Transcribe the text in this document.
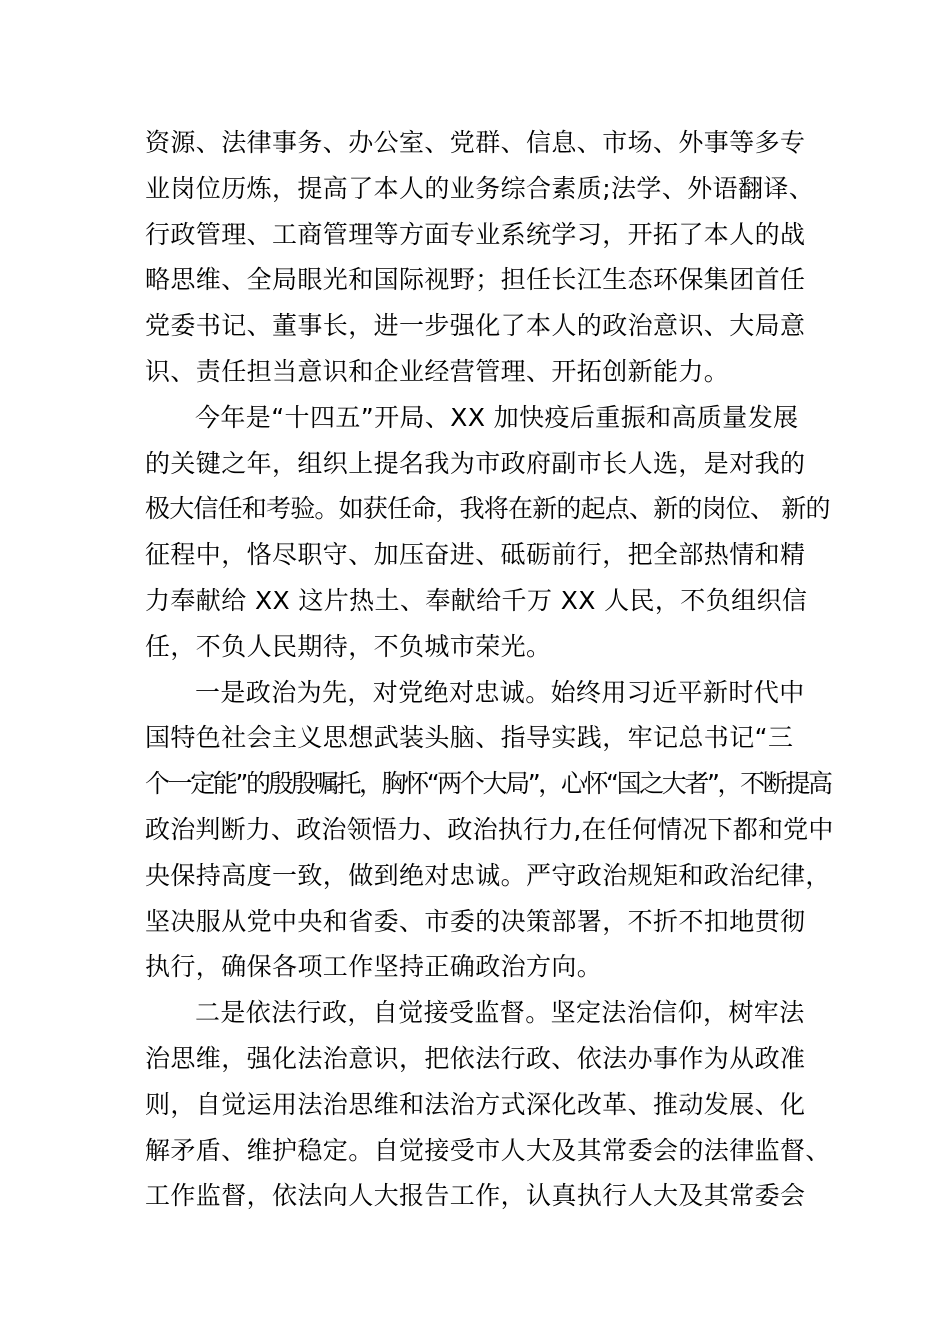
资源、法律事务、办公室、党群、信息、市场、外事等多专
业岗位历炼，提高了本人的业务综合素质;法学、外语翻译、
行政管理、工商管理等方面专业系统学习，开拓了本人的战
略思维、全局眼光和国际视野；担任长江生态环保集团首任
党委书记、董事长，进一步强化了本人的政治意识、大局意
识、责任担当意识和企业经营管理、开拓创新能力。
今年是“十四五”开局、XX 加快疫后重振和高质量发展
的关键之年，组织上提名我为市政府副市长人选，是对我的
极大信任和考验。如获任命，我将在新的起点、新的岗位、 新的
征程中，恪尽职守、加压奋进、砥砺前行，把全部热情和精
力奉献给 XX 这片热土、奉献给千万 XX 人民，不负组织信
任，不负人民期待，不负城市荣光。
一是政治为先，对党绝对忠诚。始终用习近平新时代中
国特色社会主义思想武装头脑、指导实践，牢记总书记“三
个一定能”的殷殷嘱托，胸怀“两个大局”，心怀“国之大者”，不断提高
政治判断力、政治领悟力、政治执行力,在任何情况下都和党中
央保持高度一致，做到绝对忠诚。严守政治规矩和政治纪律，
坚决服从党中央和省委、市委的决策部署，不折不扣地贯彻
执行，确保各项工作坚持正确政治方向。
二是依法行政，自觉接受监督。坚定法治信仰，树牢法
治思维，强化法治意识，把依法行政、依法办事作为从政准
则，自觉运用法治思维和法治方式深化改革、推动发展、化
解矛盾、维护稳定。自觉接受市人大及其常委会的法律监督、
工作监督，依法向人大报告工作，认真执行人大及其常委会
